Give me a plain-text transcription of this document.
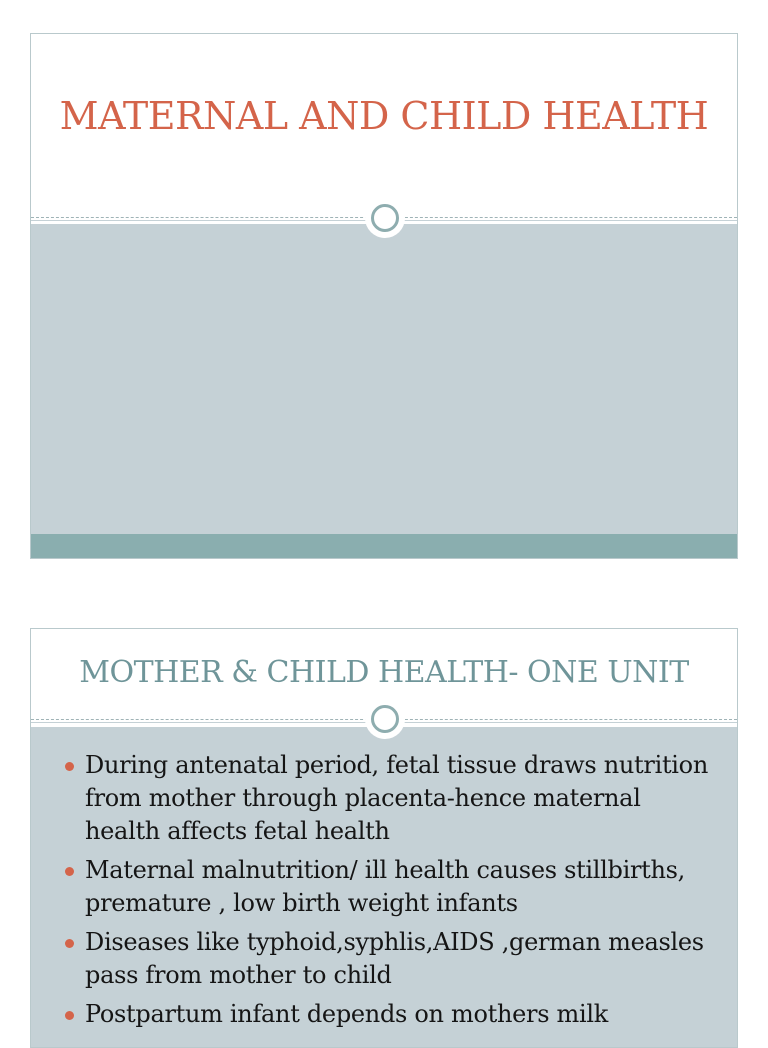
MATERNAL AND CHILD HEALTH
MOTHER & CHILD HEALTH- ONE UNIT
During antenatal period, fetal tissue draws nutrition from mother through placenta-hence maternal health affects fetal health
Maternal malnutrition/ ill health causes stillbirths, premature , low birth weight infants
Diseases like typhoid,syphlis,AIDS ,german measles pass from mother to child
Postpartum infant depends on mothers milk
